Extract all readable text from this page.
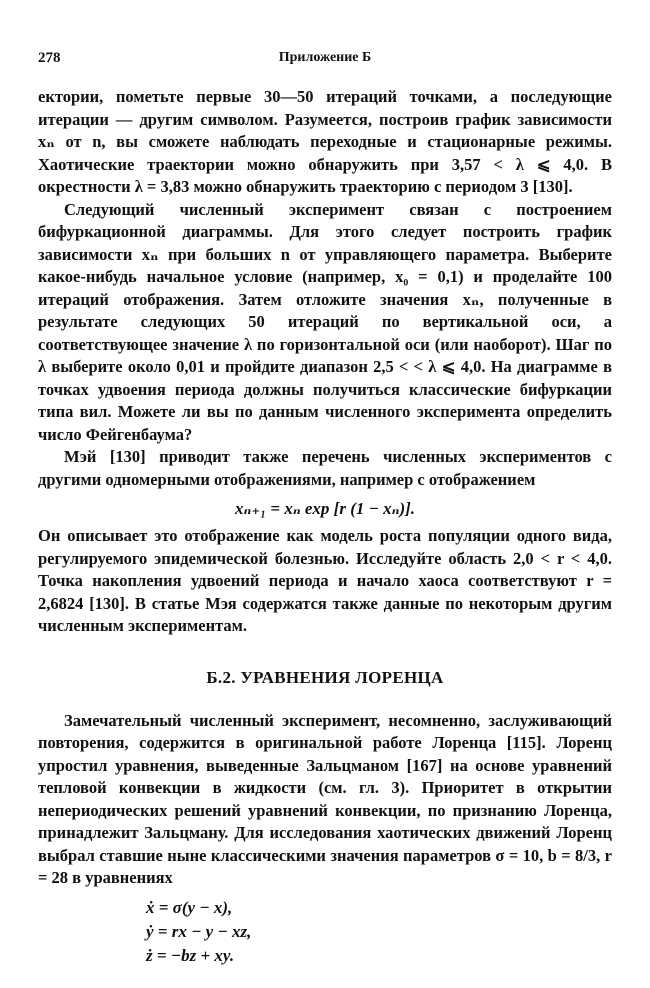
278	Приложение Б

ектории, пометьте первые 30—50 итераций точками, а последующие итерации — другим символом. Разумеется, построив график зависимости xₙ от n, вы сможете наблюдать переходные и стационарные режимы. Хаотические траектории можно обнаружить при 3,57 < λ ⩽ 4,0. В окрестности λ = 3,83 можно обнаружить траекторию с периодом 3 [130].

Следующий численный эксперимент связан с построением бифуркационной диаграммы. Для этого следует построить график зависимости xₙ при больших n от управляющего параметра. Выберите какое-нибудь начальное условие (например, x₀ = 0,1) и проделайте 100 итераций отображения. Затем отложите значения xₙ, полученные в результате следующих 50 итераций по вертикальной оси, а соответствующее значение λ по горизонтальной оси (или наоборот). Шаг по λ выберите около 0,01 и пройдите диапазон 2,5 < < λ ⩽ 4,0. На диаграмме в точках удвоения периода должны получиться классические бифуркации типа вил. Можете ли вы по данным численного эксперимента определить число Фейгенбаума?

Мэй [130] приводит также перечень численных экспериментов с другими одномерными отображениями, например с отображением

xₙ₊₁ = xₙ exp [r (1 − xₙ)].

Он описывает это отображение как модель роста популяции одного вида, регулируемого эпидемической болезнью. Исследуйте область 2,0 < r < 4,0. Точка накопления удвоений периода и начало хаоса соответствуют r = 2,6824 [130]. В статье Мэя содержатся также данные по некоторым другим численным экспериментам.

Б.2. УРАВНЕНИЯ ЛОРЕНЦА

Замечательный численный эксперимент, несомненно, заслуживающий повторения, содержится в оригинальной работе Лоренца [115]. Лоренц упростил уравнения, выведенные Зальцманом [167] на основе уравнений тепловой конвекции в жидкости (см. гл. 3). Приоритет в открытии непериодических решений уравнений конвекции, по признанию Лоренца, принадлежит Зальцману. Для исследования хаотических движений Лоренц выбрал ставшие ныне классическими значения параметров σ = 10, b = 8/3, r = 28 в уравнениях

ẋ = σ(y − x),
ẏ = rx − y − xz,
ż = −bz + xy.
